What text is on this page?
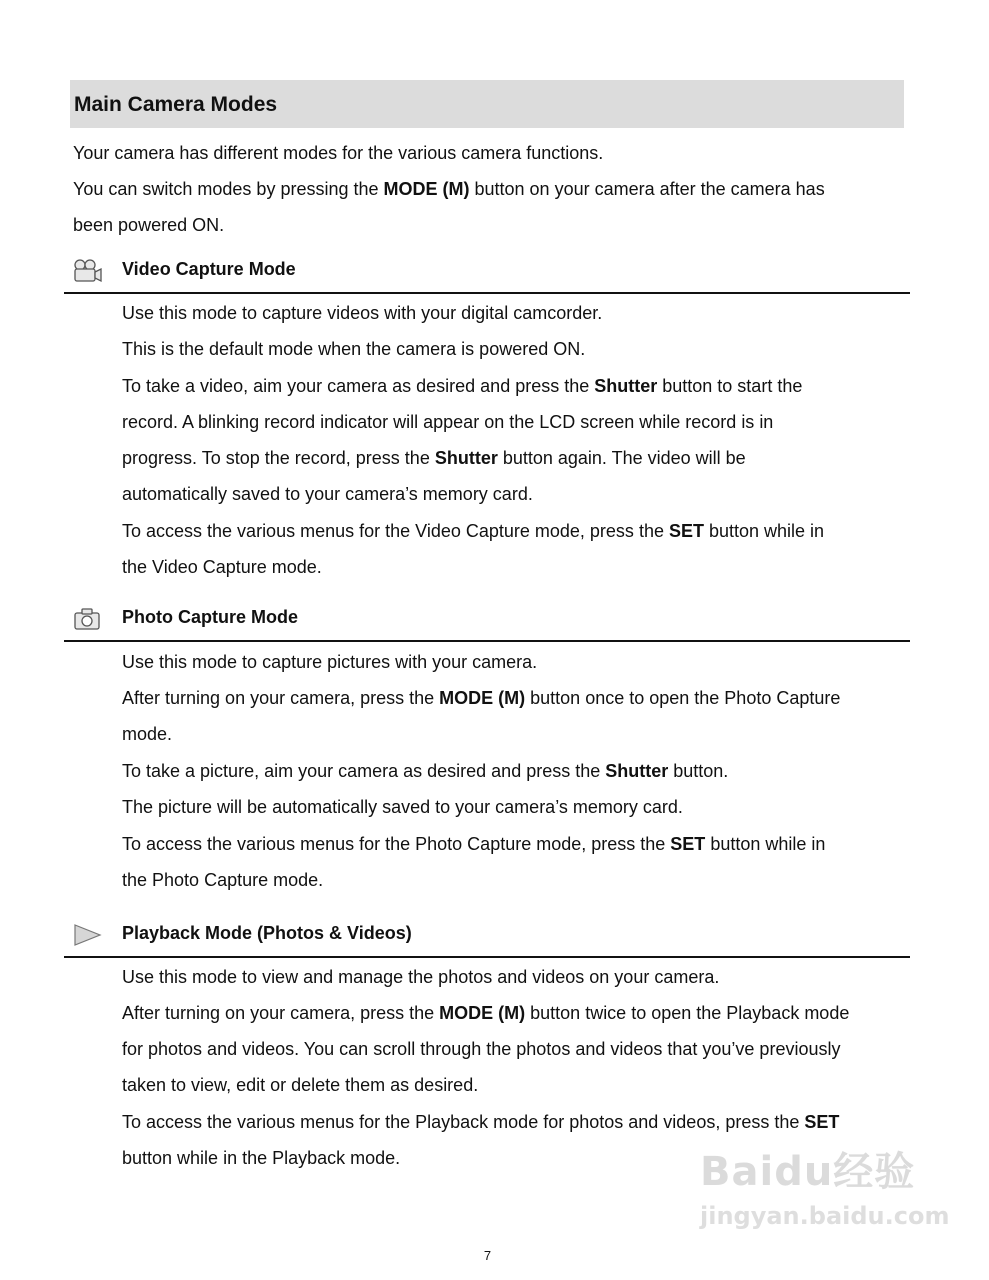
Main Camera Modes

Your camera has different modes for the various camera functions.

You can switch modes by pressing the MODE (M) button on your camera after the camera has

been powered ON.

Video Capture Mode

Use this mode to capture videos with your digital camcorder.

This is the default mode when the camera is powered ON.

To take a video, aim your camera as desired and press the Shutter button to start the

record. A blinking record indicator will appear on the LCD screen while record is in

progress. To stop the record, press the Shutter button again. The video will be

automatically saved to your camera’s memory card.

To access the various menus for the Video Capture mode, press the SET button while in

the Video Capture mode.

Photo Capture Mode

Use this mode to capture pictures with your camera.

After turning on your camera, press the MODE (M) button once to open the Photo Capture

mode.

To take a picture, aim your camera as desired and press the Shutter button.

The picture will be automatically saved to your camera’s memory card.

To access the various menus for the Photo Capture mode, press the SET button while in

the Photo Capture mode.

Playback Mode (Photos & Videos)

Use this mode to view and manage the photos and videos on your camera.

After turning on your camera, press the MODE (M) button twice to open the Playback mode

for photos and videos. You can scroll through the photos and videos that you’ve previously

taken to view, edit or delete them as desired.

To access the various menus for the Playback mode for photos and videos, press the SET

button while in the Playback mode.	Baidu经验
jingyan.baidu.com
7
